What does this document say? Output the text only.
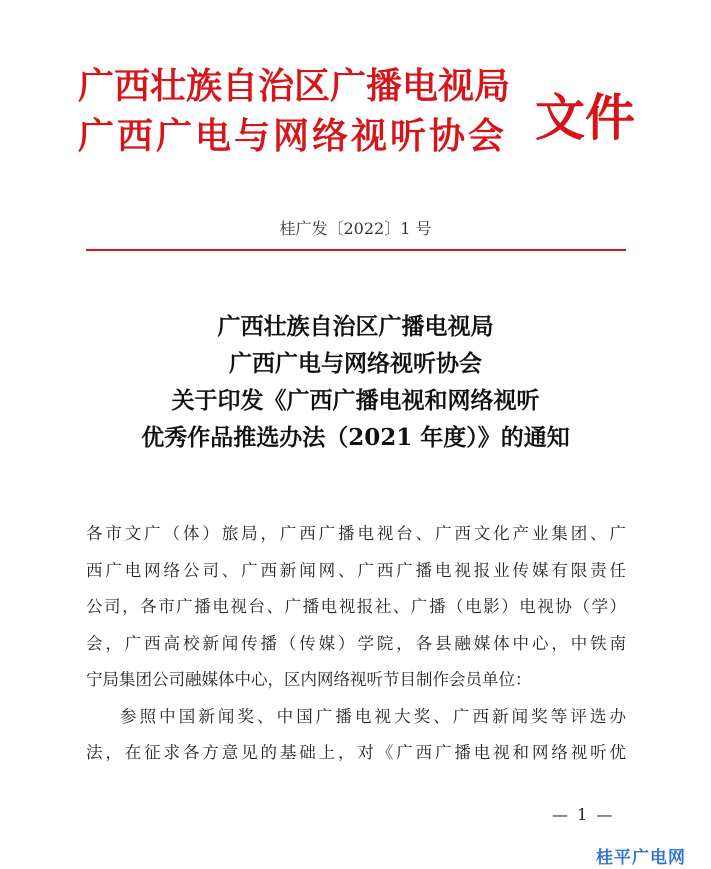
广西壮族自治区广播电视局
广西广电与网络视听协会 文件
桂广发〔2022〕1 号
广西壮族自治区广播电视局
广西广电与网络视听协会
关于印发《广西广播电视和网络视听
优秀作品推选办法（2021 年度）》的通知
各市文广（体）旅局，广西广播电视台、广西文化产业集团、广
西广电网络公司、广西新闻网、广西广播电视报业传媒有限责任
公司，各市广播电视台、广播电视报社、广播（电影）电视协（学）
会，广西高校新闻传播（传媒）学院，各县融媒体中心，中铁南
宁局集团公司融媒体中心，区内网络视听节目制作会员单位：
参照中国新闻奖、中国广播电视大奖、广西新闻奖等评选办
法，在征求各方意见的基础上，对《广西广播电视和网络视听优
— 1 —
桂平广电网
